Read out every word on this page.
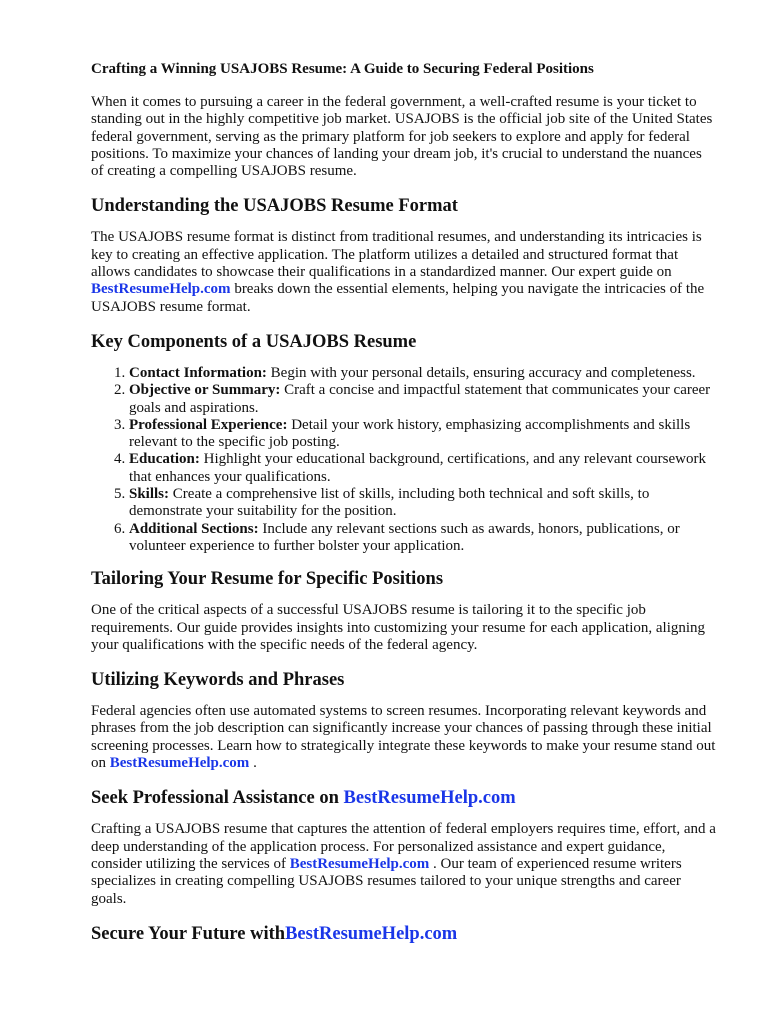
Crafting a Winning USAJOBS Resume: A Guide to Securing Federal Positions

When it comes to pursuing a career in the federal government, a well-crafted resume is your ticket to standing out in the highly competitive job market. USAJOBS is the official job site of the United States federal government, serving as the primary platform for job seekers to explore and apply for federal positions. To maximize your chances of landing your dream job, it's crucial to understand the nuances of creating a compelling USAJOBS resume.

Understanding the USAJOBS Resume Format

The USAJOBS resume format is distinct from traditional resumes, and understanding its intricacies is key to creating an effective application. The platform utilizes a detailed and structured format that allows candidates to showcase their qualifications in a standardized manner. Our expert guide on BestResumeHelp.com breaks down the essential elements, helping you navigate the intricacies of the USAJOBS resume format.

Key Components of a USAJOBS Resume
1. Contact Information: Begin with your personal details, ensuring accuracy and completeness.
2. Objective or Summary: Craft a concise and impactful statement that communicates your career goals and aspirations.
3. Professional Experience: Detail your work history, emphasizing accomplishments and skills relevant to the specific job posting.
4. Education: Highlight your educational background, certifications, and any relevant coursework that enhances your qualifications.
5. Skills: Create a comprehensive list of skills, including both technical and soft skills, to demonstrate your suitability for the position.
6. Additional Sections: Include any relevant sections such as awards, honors, publications, or volunteer experience to further bolster your application.
Tailoring Your Resume for Specific Positions

One of the critical aspects of a successful USAJOBS resume is tailoring it to the specific job requirements. Our guide provides insights into customizing your resume for each application, aligning your qualifications with the specific needs of the federal agency.

Utilizing Keywords and Phrases

Federal agencies often use automated systems to screen resumes. Incorporating relevant keywords and phrases from the job description can significantly increase your chances of passing through these initial screening processes. Learn how to strategically integrate these keywords to make your resume stand out on BestResumeHelp.com .

Seek Professional Assistance on BestResumeHelp.com

Crafting a USAJOBS resume that captures the attention of federal employers requires time, effort, and a deep understanding of the application process. For personalized assistance and expert guidance, consider utilizing the services of BestResumeHelp.com . Our team of experienced resume writers specializes in creating compelling USAJOBS resumes tailored to your unique strengths and career goals.

Secure Your Future withBestResumeHelp.com
